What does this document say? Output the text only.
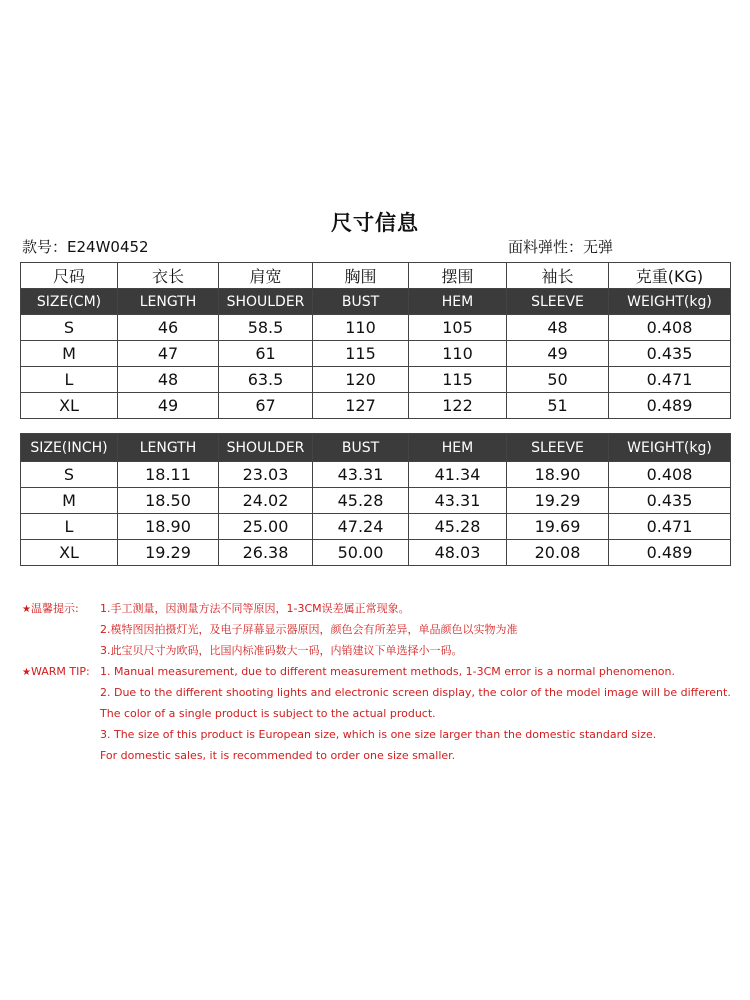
尺寸信息
款号：E24W0452	面料弹性：无弹
尺码	衣长	肩宽	胸围	摆围	袖长	克重(KG)
SIZE(CM)	LENGTH	SHOULDER	BUST	HEM	SLEEVE	WEIGHT(kg)
S	46	58.5	110	105	48	0.408
M	47	61	115	110	49	0.435
L	48	63.5	120	115	50	0.471
XL	49	67	127	122	51	0.489
SIZE(INCH)	LENGTH	SHOULDER	BUST	HEM	SLEEVE	WEIGHT(kg)
S	18.11	23.03	43.31	41.34	18.90	0.408
M	18.50	24.02	45.28	43.31	19.29	0.435
L	18.90	25.00	47.24	45.28	19.69	0.471
XL	19.29	26.38	50.00	48.03	20.08	0.489
★温馨提示: 1.手工测量，因测量方法不同等原因，1-3CM误差属正常现象。
2.模特图因拍摄灯光，及电子屏幕显示器原因，颜色会有所差异，单品颜色以实物为准
3.此宝贝尺寸为欧码，比国内标准码数大一码，内销建议下单选择小一码。
★WARM TIP: 1. Manual measurement, due to different measurement methods, 1-3CM error is a normal phenomenon.
2. Due to the different shooting lights and electronic screen display, the color of the model image will be different.
The color of a single product is subject to the actual product.
3. The size of this product is European size, which is one size larger than the domestic standard size.
For domestic sales, it is recommended to order one size smaller.
